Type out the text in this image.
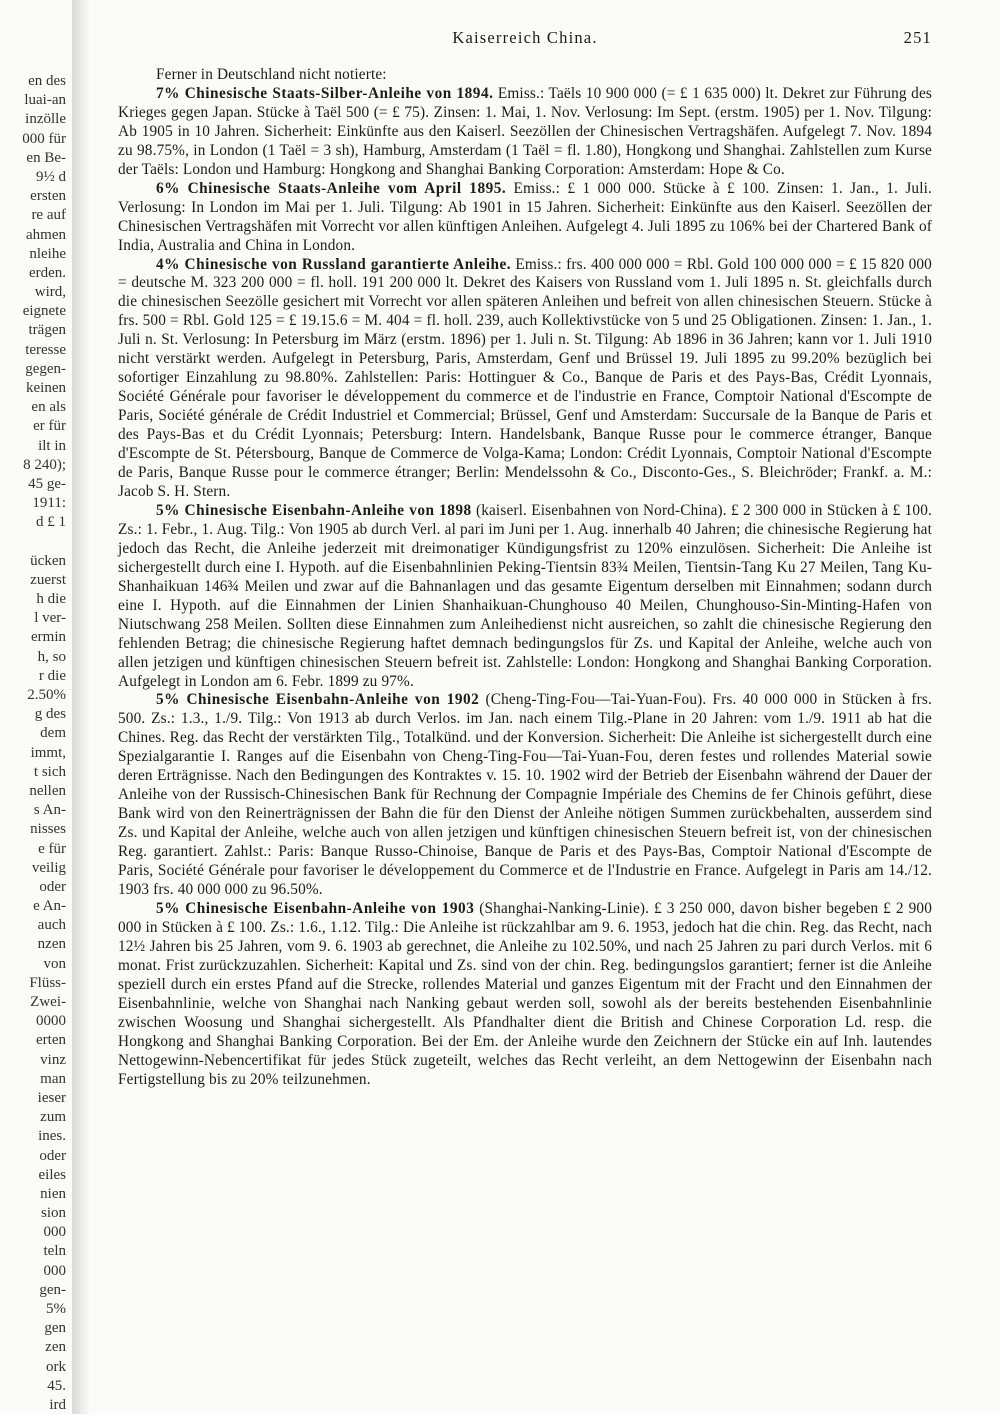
en des
luai-an
inzölle
000 für
en Be-
9½ d
ersten
re auf
ahmen
nleihe
erden.
wird,
eignete
trägen
teresse
gegen-
keinen
en als
er für
ilt in
8 240);
45 ge-
1911:
d £ 1
ücken
zuerst
h die
l ver-
ermin
h, so
r die
2.50%
g des
dem
immt,
t sich
nellen
s An-
nisses
e für
veilig
oder
e An-
auch
nzen
von
Flüss-
Zwei-
0000
erten
vinz
man
ieser
zum
ines.
oder
eiles
nien
sion
000
teln
000
gen-
5%
gen
zen
ork
45.
ird
Kaiserreich China.	251

Ferner in Deutschland nicht notierte:

7% Chinesische Staats-Silber-Anleihe von 1894. Emiss.: Taëls 10 900 000 (= £ 1 635 000) lt. Dekret zur Führung des Krieges gegen Japan. Stücke à Taël 500 (= £ 75). Zinsen: 1. Mai, 1. Nov. Verlosung: Im Sept. (erstm. 1905) per 1. Nov. Tilgung: Ab 1905 in 10 Jahren. Sicherheit: Einkünfte aus den Kaiserl. Seezöllen der Chinesischen Vertragshäfen. Aufgelegt 7. Nov. 1894 zu 98.75%, in London (1 Taël = 3 sh), Hamburg, Amsterdam (1 Taël = fl. 1.80), Hongkong und Shanghai. Zahlstellen zum Kurse der Taëls: London und Hamburg: Hongkong and Shanghai Banking Corporation: Amsterdam: Hope & Co.

6% Chinesische Staats-Anleihe vom April 1895. Emiss.: £ 1 000 000. Stücke à £ 100. Zinsen: 1. Jan., 1. Juli. Verlosung: In London im Mai per 1. Juli. Tilgung: Ab 1901 in 15 Jahren. Sicherheit: Einkünfte aus den Kaiserl. Seezöllen der Chinesischen Vertragshäfen mit Vorrecht vor allen künftigen Anleihen. Aufgelegt 4. Juli 1895 zu 106% bei der Chartered Bank of India, Australia and China in London.

4% Chinesische von Russland garantierte Anleihe. Emiss.: frs. 400 000 000 = Rbl. Gold 100 000 000 = £ 15 820 000 = deutsche M. 323 200 000 = fl. holl. 191 200 000 lt. Dekret des Kaisers von Russland vom 1. Juli 1895 n. St. gleichfalls durch die chinesischen Seezölle gesichert mit Vorrecht vor allen späteren Anleihen und befreit von allen chinesischen Steuern. Stücke à frs. 500 = Rbl. Gold 125 = £ 19.15.6 = M. 404 = fl. holl. 239, auch Kollektivstücke von 5 und 25 Obligationen. Zinsen: 1. Jan., 1. Juli n. St. Verlosung: In Petersburg im März (erstm. 1896) per 1. Juli n. St. Tilgung: Ab 1896 in 36 Jahren; kann vor 1. Juli 1910 nicht verstärkt werden. Aufgelegt in Petersburg, Paris, Amsterdam, Genf und Brüssel 19. Juli 1895 zu 99.20% bezüglich bei sofortiger Einzahlung zu 98.80%. Zahlstellen: Paris: Hottinguer & Co., Banque de Paris et des Pays-Bas, Crédit Lyonnais, Société Générale pour favoriser le développement du commerce et de l'industrie en France, Comptoir National d'Escompte de Paris, Société générale de Crédit Industriel et Commercial; Brüssel, Genf und Amsterdam: Succursale de la Banque de Paris et des Pays-Bas et du Crédit Lyonnais; Petersburg: Intern. Handelsbank, Banque Russe pour le commerce étranger, Banque d'Escompte de St. Pétersbourg, Banque de Commerce de Volga-Kama; London: Crédit Lyonnais, Comptoir National d'Escompte de Paris, Banque Russe pour le commerce étranger; Berlin: Mendelssohn & Co., Disconto-Ges., S. Bleichröder; Frankf. a. M.: Jacob S. H. Stern.

5% Chinesische Eisenbahn-Anleihe von 1898 (kaiserl. Eisenbahnen von Nord-China). £ 2 300 000 in Stücken à £ 100. Zs.: 1. Febr., 1. Aug. Tilg.: Von 1905 ab durch Verl. al pari im Juni per 1. Aug. innerhalb 40 Jahren; die chinesische Regierung hat jedoch das Recht, die Anleihe jederzeit mit dreimonatiger Kündigungsfrist zu 120% einzulösen. Sicherheit: Die Anleihe ist sichergestellt durch eine I. Hypoth. auf die Eisenbahnlinien Peking-Tientsin 83¾ Meilen, Tientsin-Tang Ku 27 Meilen, Tang Ku-Shanhaikuan 146¾ Meilen und zwar auf die Bahnanlagen und das gesamte Eigentum derselben mit Einnahmen; sodann durch eine I. Hypoth. auf die Einnahmen der Linien Shanhaikuan-Chunghouso 40 Meilen, Chunghouso-Sin-Minting-Hafen von Niutschwang 258 Meilen. Sollten diese Einnahmen zum Anleihedienst nicht ausreichen, so zahlt die chinesische Regierung den fehlenden Betrag; die chinesische Regierung haftet demnach bedingungslos für Zs. und Kapital der Anleihe, welche auch von allen jetzigen und künftigen chinesischen Steuern befreit ist. Zahlstelle: London: Hongkong and Shanghai Banking Corporation. Aufgelegt in London am 6. Febr. 1899 zu 97%.

5% Chinesische Eisenbahn-Anleihe von 1902 (Cheng-Ting-Fou—Tai-Yuan-Fou). Frs. 40 000 000 in Stücken à frs. 500. Zs.: 1.3., 1./9. Tilg.: Von 1913 ab durch Verlos. im Jan. nach einem Tilg.-Plane in 20 Jahren: vom 1./9. 1911 ab hat die Chines. Reg. das Recht der verstärkten Tilg., Totalkünd. und der Konversion. Sicherheit: Die Anleihe ist sichergestellt durch eine Spezialgarantie I. Ranges auf die Eisenbahn von Cheng-Ting-Fou—Tai-Yuan-Fou, deren festes und rollendes Material sowie deren Erträgnisse. Nach den Bedingungen des Kontraktes v. 15. 10. 1902 wird der Betrieb der Eisenbahn während der Dauer der Anleihe von der Russisch-Chinesischen Bank für Rechnung der Compagnie Impériale des Chemins de fer Chinois geführt, diese Bank wird von den Reinerträgnissen der Bahn die für den Dienst der Anleihe nötigen Summen zurückbehalten, ausserdem sind Zs. und Kapital der Anleihe, welche auch von allen jetzigen und künftigen chinesischen Steuern befreit ist, von der chinesischen Reg. garantiert. Zahlst.: Paris: Banque Russo-Chinoise, Banque de Paris et des Pays-Bas, Comptoir National d'Escompte de Paris, Société Générale pour favoriser le développement du Commerce et de l'Industrie en France. Aufgelegt in Paris am 14./12. 1903 frs. 40 000 000 zu 96.50%.

5% Chinesische Eisenbahn-Anleihe von 1903 (Shanghai-Nanking-Linie). £ 3 250 000, davon bisher begeben £ 2 900 000 in Stücken à £ 100. Zs.: 1.6., 1.12. Tilg.: Die Anleihe ist rückzahlbar am 9. 6. 1953, jedoch hat die chin. Reg. das Recht, nach 12½ Jahren bis 25 Jahren, vom 9. 6. 1903 ab gerechnet, die Anleihe zu 102.50%, und nach 25 Jahren zu pari durch Verlos. mit 6 monat. Frist zurückzuzahlen. Sicherheit: Kapital und Zs. sind von der chin. Reg. bedingungslos garantiert; ferner ist die Anleihe speziell durch ein erstes Pfand auf die Strecke, rollendes Material und ganzes Eigentum mit der Fracht und den Einnahmen der Eisenbahnlinie, welche von Shanghai nach Nanking gebaut werden soll, sowohl als der bereits bestehenden Eisenbahnlinie zwischen Woosung und Shanghai sichergestellt. Als Pfandhalter dient die British and Chinese Corporation Ld. resp. die Hongkong and Shanghai Banking Corporation. Bei der Em. der Anleihe wurde den Zeichnern der Stücke ein auf Inh. lautendes Nettogewinn-Nebencertifikat für jedes Stück zugeteilt, welches das Recht verleiht, an dem Nettogewinn der Eisenbahn nach Fertigstellung bis zu 20% teilzunehmen.
